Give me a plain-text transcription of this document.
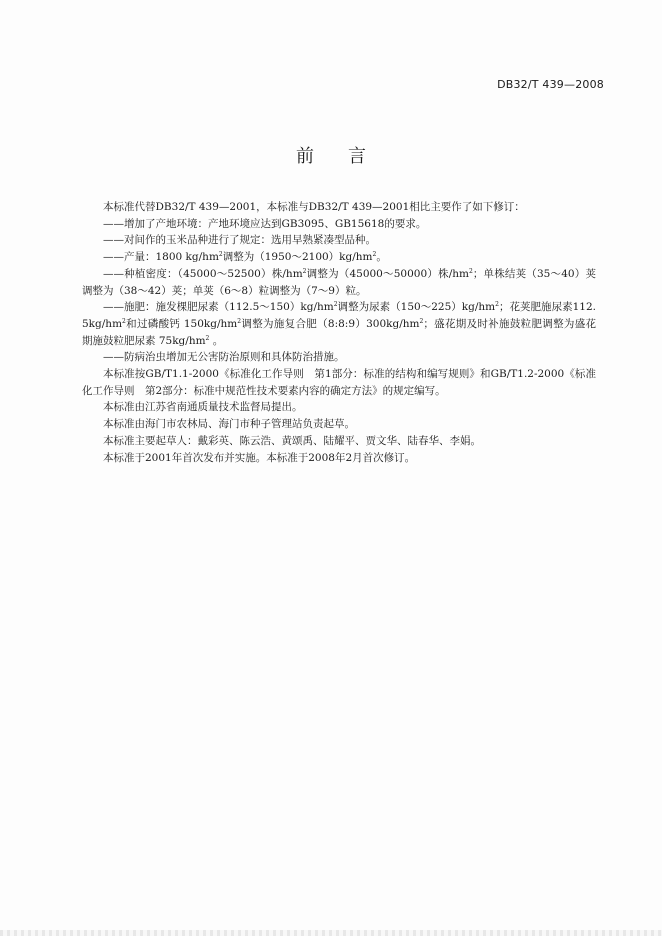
DB32/T 439—2008
前言

本标准代替DB32/T 439—2001，本标准与DB32/T 439—2001相比主要作了如下修订：

——增加了产地环境：产地环境应达到GB3095、GB15618的要求。

——对间作的玉米品种进行了规定：选用早熟紧凑型品种。

——产量：1800 $kg/hm^2$调整为$(1950\sim 2100)kg/hm^2$。

——种植密度：（45000～52500）株$/hm^2$调整为（45000～50000）株$/hm^2$；单株结荚（35～40）荚调整为（38～42）荚；单荚（6～8）粒调整为（7～9）粒。

——施肥：施发棵肥尿素$(112.5\sim 150)kg/hm^2$调整为尿素$(150\sim 225)kg/hm^2$；花荚肥施尿素$112.5kg/hm^2$和过磷酸钙 $150kg/hm^2$调整为施复合肥$(8:8:9)300kg/hm^2$；盛花期及时补施鼓粒肥调整为盛花期施鼓粒肥尿素 $75kg/hm^2$ 。

——防病治虫增加无公害防治原则和具体防治措施。

本标准按GB/T1.1-2000《标准化工作导则　第1部分：标准的结构和编写规则》和GB/T1.2-2000《标准化工作导则　第2部分：标准中规范性技术要素内容的确定方法》的规定编写。

本标准由江苏省南通质量技术监督局提出。

本标准由海门市农林局、海门市种子管理站负责起草。

本标准主要起草人：戴彩英、陈云浩、黄颂禹、陆耀平、贾文华、陆春华、李娟。

本标准于2001年首次发布并实施。本标准于2008年2月首次修订。
